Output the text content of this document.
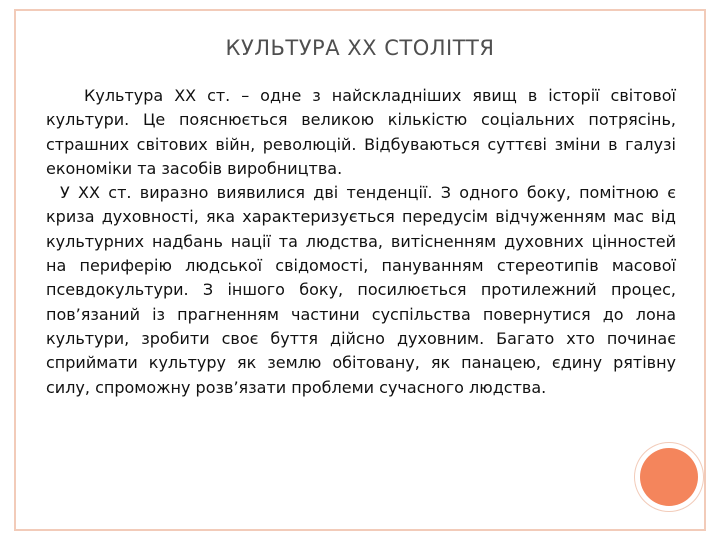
КУЛЬТУРА ХХ СТОЛІТТЯ

Культура ХХ ст. – одне з найскладніших явищ в історії світової культури. Це пояснюється великою кількістю соціальних потрясінь, страшних світових війн, революцій. Відбуваються суттєві зміни в галузі економіки та засобів виробництва.

У ХХ ст. виразно виявилися дві тенденції. З одного боку, помітною є криза духовності, яка характеризується передусім відчуженням мас від культурних надбань нації та людства, витісненням духовних цінностей на периферію людської свідомості, пануванням стереотипів масової псевдокультури. З іншого боку, посилюється протилежний процес, пов’язаний із прагненням частини суспільства повернутися до лона культури, зробити своє буття дійсно духовним. Багато хто починає сприймати культуру як землю обітовану, як панацею, єдину рятівну силу, спроможну розв’язати проблеми сучасного людства.
